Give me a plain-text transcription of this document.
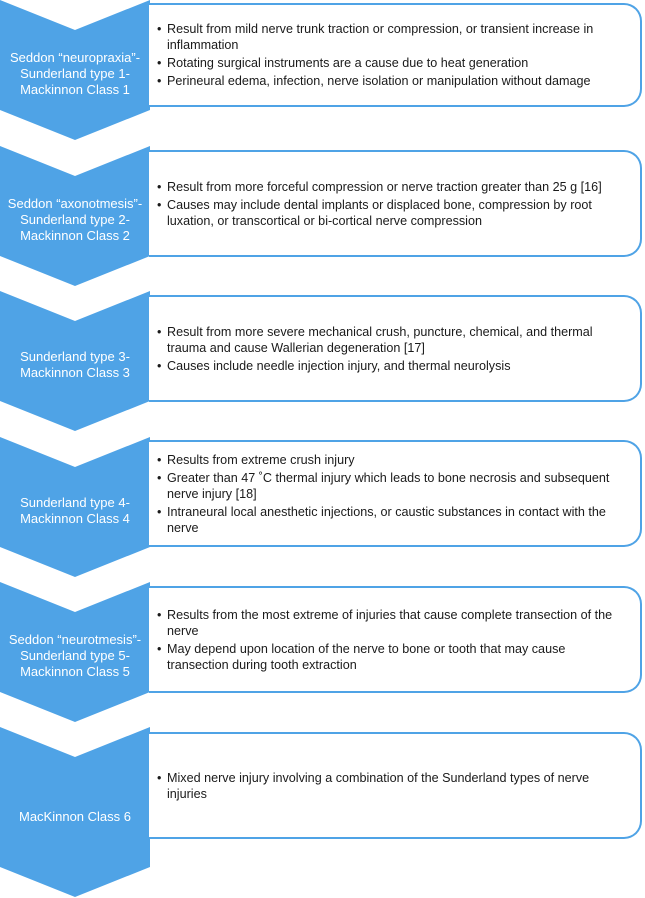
Seddon “neuropraxia”-
Sunderland type 1-
Mackinnon Class 1
• Result from mild nerve trunk traction or compression, or transient increase in inflammation
• Rotating surgical instruments are a cause due to heat generation
• Perineural edema, infection, nerve isolation or manipulation without damage
Seddon “axonotmesis”-
Sunderland type 2-
Mackinnon Class 2
• Result from more forceful compression or nerve traction greater than 25 g [16]
• Causes may include dental implants or displaced bone, compression by root luxation, or transcortical or bi-cortical nerve compression
Sunderland type 3-
Mackinnon Class 3
• Result from more severe mechanical crush, puncture, chemical, and thermal trauma and cause Wallerian degeneration [17]
• Causes include needle injection injury, and thermal neurolysis
Sunderland type 4-
Mackinnon Class 4
• Results from extreme crush injury
• Greater than 47 ˚C thermal injury which leads to bone necrosis and subsequent nerve injury [18]
• Intraneural local anesthetic injections, or caustic substances in contact with the nerve
Seddon “neurotmesis”-
Sunderland type 5-
Mackinnon Class 5
• Results from the most extreme of injuries that cause complete transection of the nerve
• May depend upon location of the nerve to bone or tooth that may cause transection during tooth extraction
MacKinnon Class 6
• Mixed nerve injury involving a combination of the Sunderland types of nerve injuries
